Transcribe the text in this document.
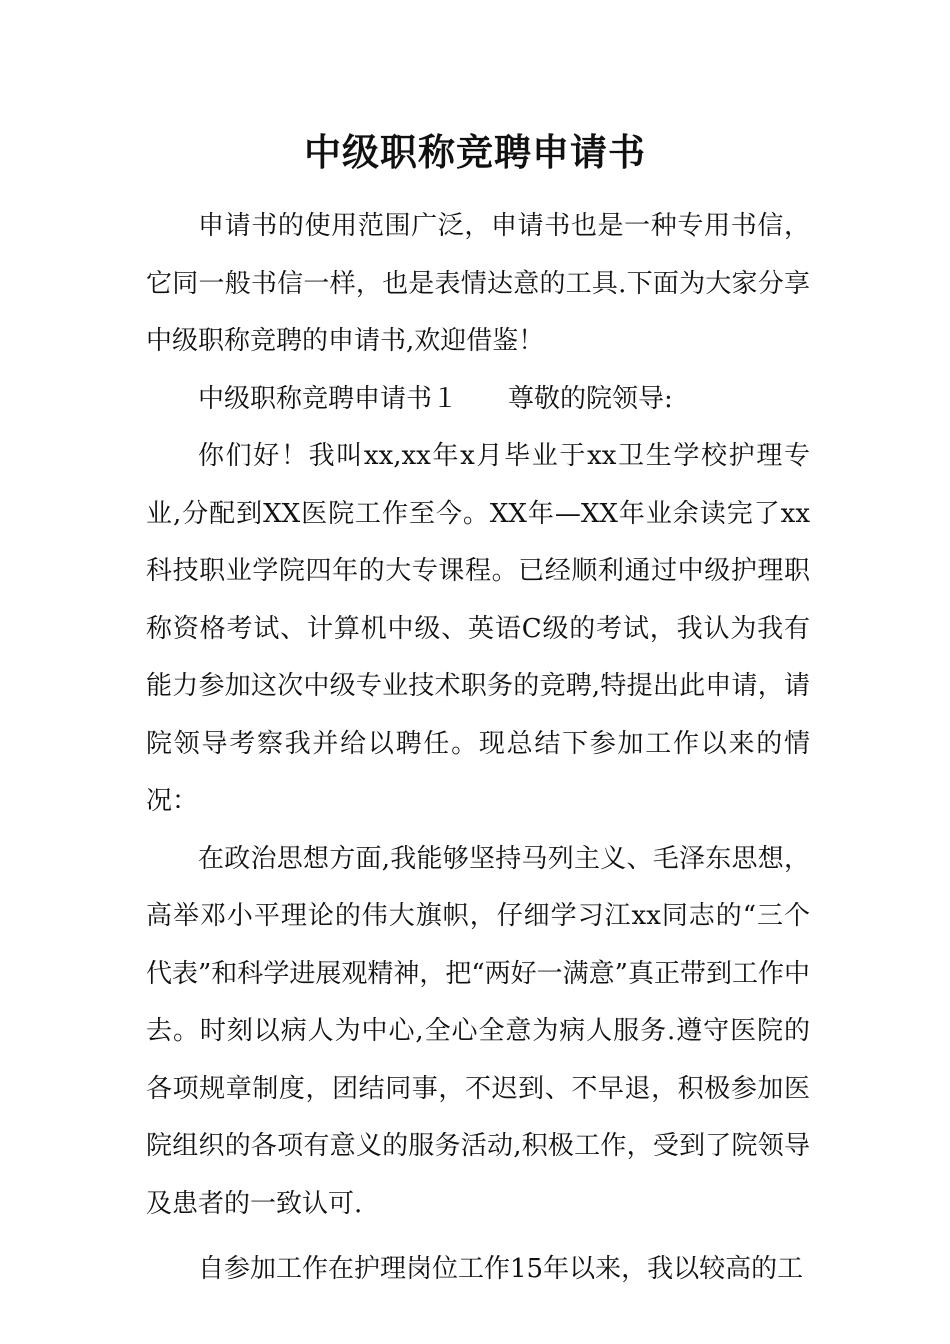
中级职称竞聘申请书

申请书的使用范围广泛，申请书也是一种专用书信，它同一般书信一样，也是表情达意的工具.下面为大家分享中级职称竞聘的申请书,欢迎借鉴！

中级职称竞聘申请书１ 尊敬的院领导:

你们好！我叫xx,xx年x月毕业于xx卫生学校护理专业,分配到XX医院工作至今。XX年—XX年业余读完了xx科技职业学院四年的大专课程。已经顺利通过中级护理职称资格考试、计算机中级、英语C级的考试，我认为我有能力参加这次中级专业技术职务的竞聘,特提出此申请，请院领导考察我并给以聘任。现总结下参加工作以来的情况：

在政治思想方面,我能够坚持马列主义、毛泽东思想，高举邓小平理论的伟大旗帜，仔细学习江xx同志的“三个代表”和科学进展观精神，把“两好一满意”真正带到工作中去。时刻以病人为中心,全心全意为病人服务.遵守医院的各项规章制度，团结同事，不迟到、不早退，积极参加医院组织的各项有意义的服务活动,积极工作，受到了院领导及患者的一致认可.

自参加工作在护理岗位工作15年以来，我以较高的工
